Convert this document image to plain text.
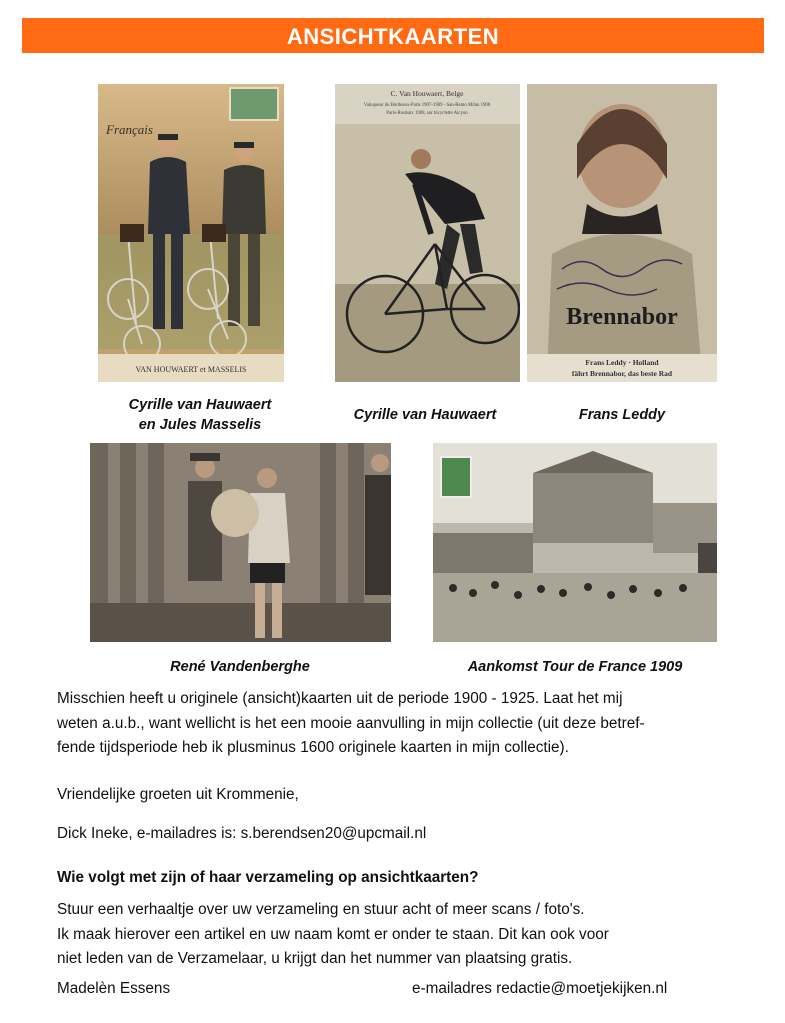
ANSICHTKAARTEN
Français
VAN HOUWAERT et MASSELIS
C. Van Houwaert, Belge
Vainqueur du Bordeaux-Paris 1907-1909 - San-Remo Milan 1908
Paris-Roubaix 1908, sur bicyclette Alcyon
Brennabor
Frans Leddy · Holland
fährt Brennabor, das beste Rad
Cyrille van Hauwaert
en Jules Masselis
Cyrille van Hauwaert	Frans Leddy
René Vandenberghe	Aankomst Tour de France 1909
Misschien heeft u originele (ansicht)kaarten uit de periode 1900 - 1925. Laat het mij
weten a.u.b., want wellicht is het een mooie aanvulling in mijn collectie (uit deze betref-
fende tijdsperiode heb ik plusminus 1600 originele kaarten in mijn collectie).
Vriendelijke groeten uit Krommenie,
Dick Ineke, e-mailadres is: s.berendsen20@upcmail.nl
Wie volgt met zijn of haar verzameling op ansichtkaarten?
Stuur een verhaaltje over uw verzameling en stuur acht of meer scans / foto's.
Ik maak hierover een artikel en uw naam komt er onder te staan. Dit kan ook voor
niet leden van de Verzamelaar, u krijgt dan het nummer van plaatsing gratis.
Madelèn Essens	e-mailadres redactie@moetjekijken.nl
